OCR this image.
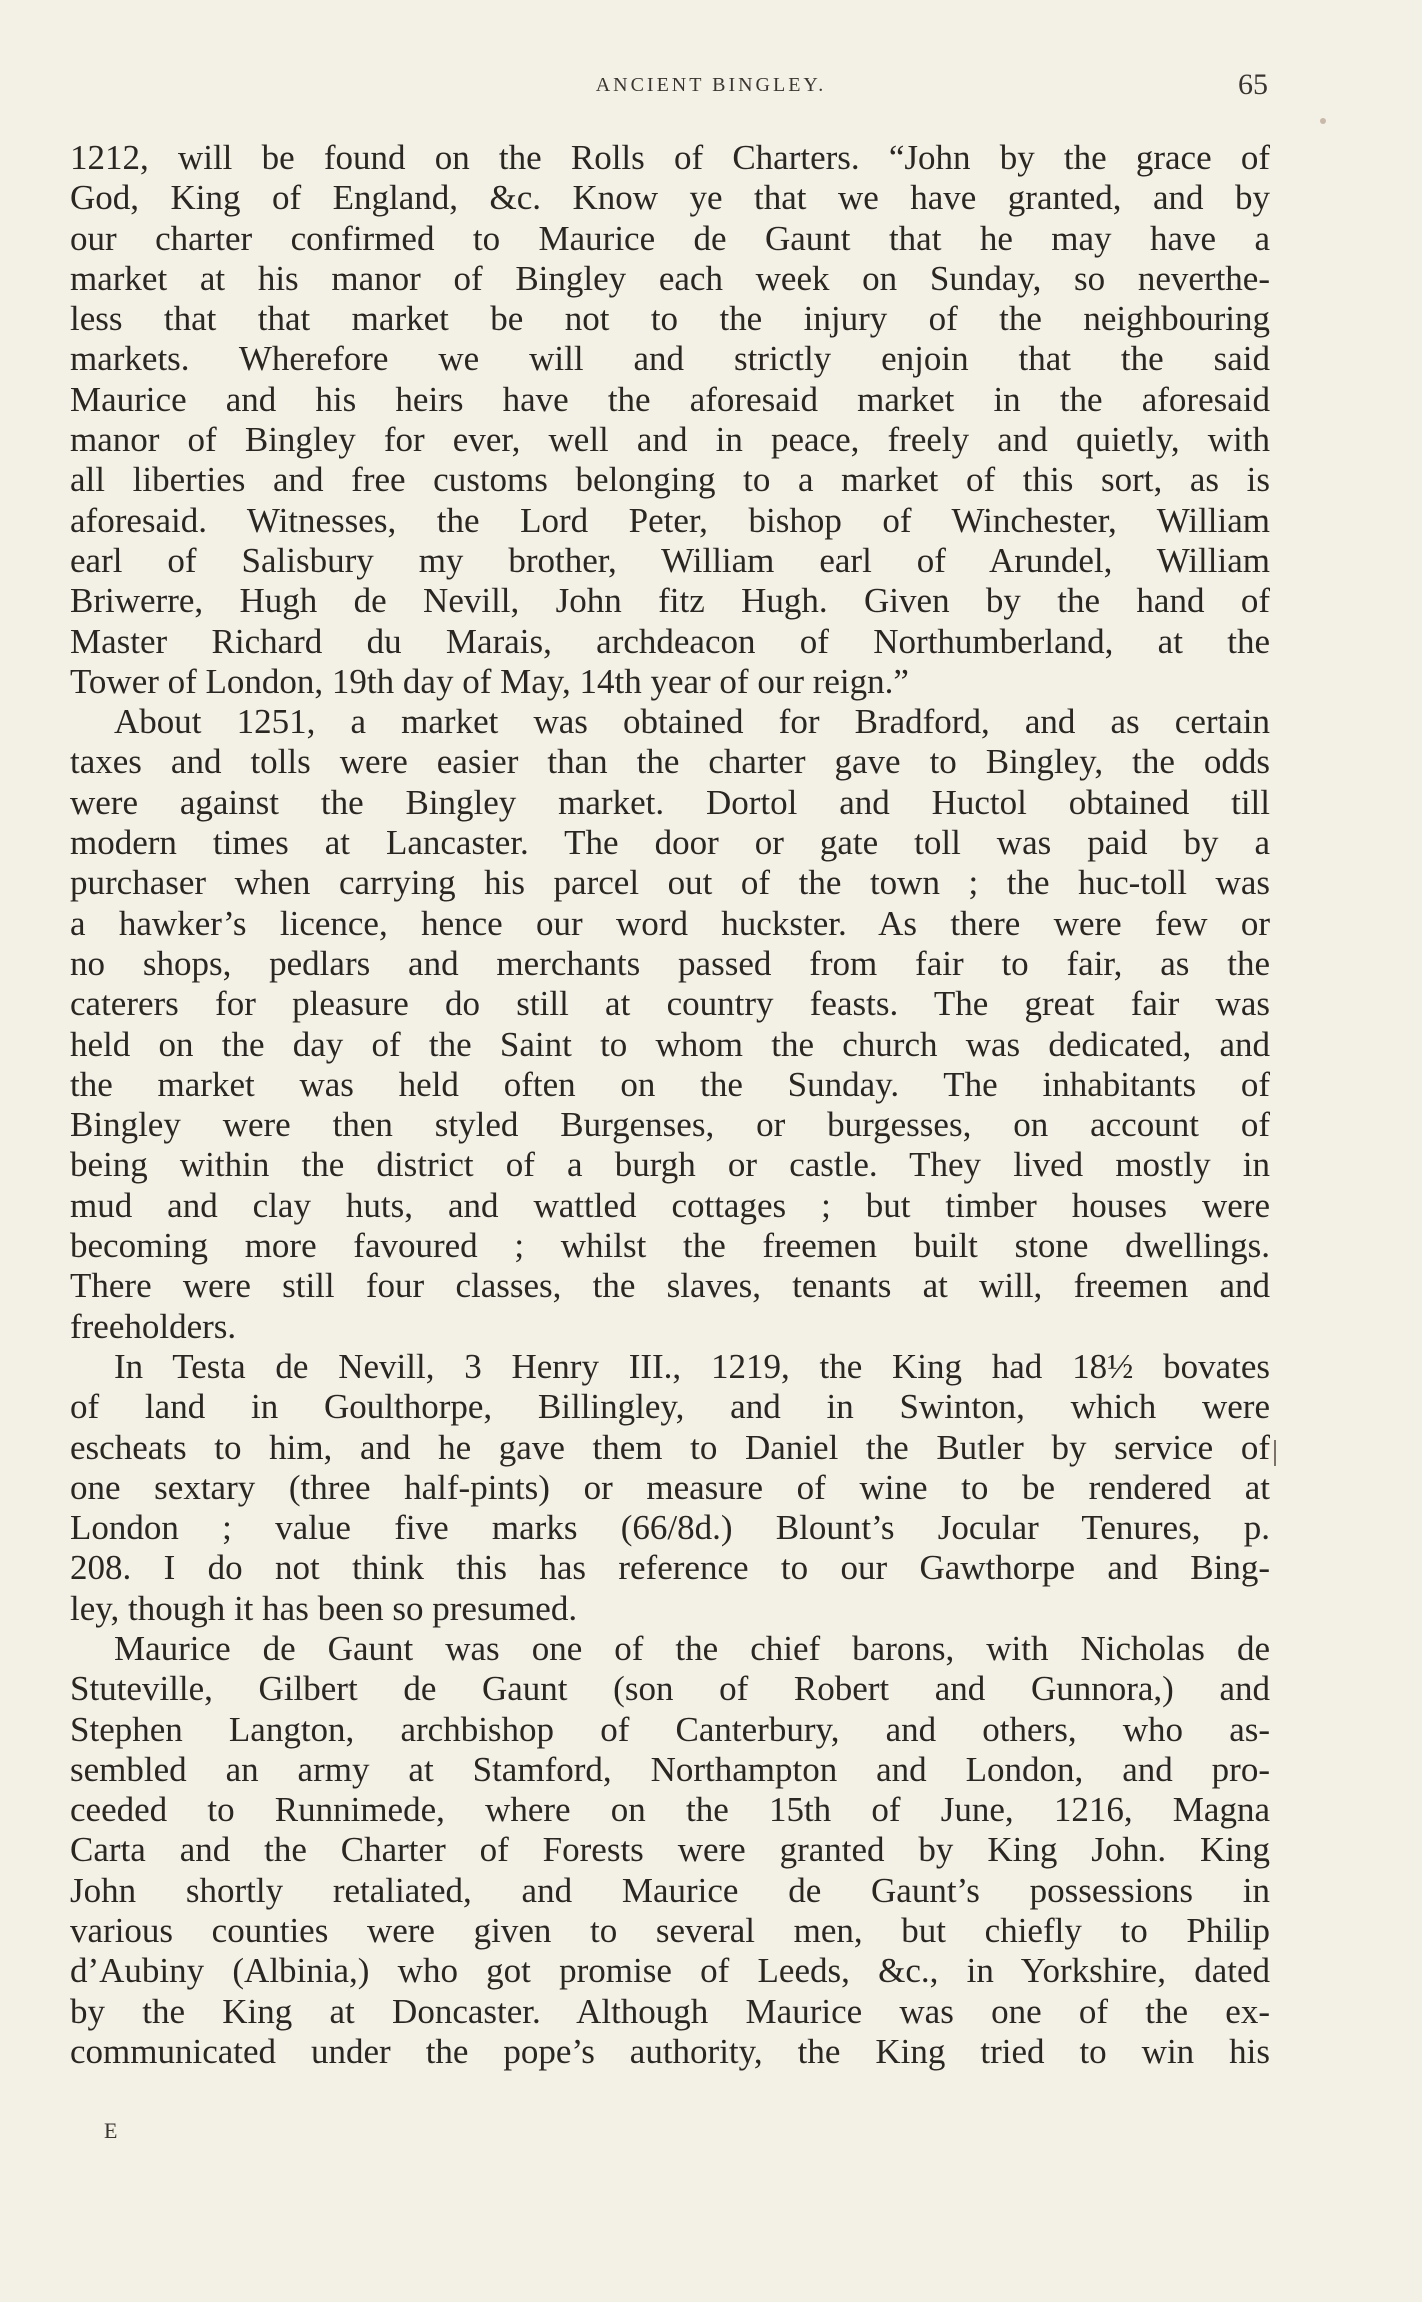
ANCIENT BINGLEY.	65
1212, will be found on the Rolls of Charters. “John by the grace of
God, King of England, &c. Know ye that we have granted, and by
our charter confirmed to Maurice de Gaunt that he may have a
market at his manor of Bingley each week on Sunday, so neverthe-
less that that market be not to the injury of the neighbouring
markets. Wherefore we will and strictly enjoin that the said
Maurice and his heirs have the aforesaid market in the aforesaid
manor of Bingley for ever, well and in peace, freely and quietly, with
all liberties and free customs belonging to a market of this sort, as is
aforesaid. Witnesses, the Lord Peter, bishop of Winchester, William
earl of Salisbury my brother, William earl of Arundel, William
Briwerre, Hugh de Nevill, John fitz Hugh. Given by the hand of
Master Richard du Marais, archdeacon of Northumberland, at the
Tower of London, 19th day of May, 14th year of our reign.”
About 1251, a market was obtained for Bradford, and as certain
taxes and tolls were easier than the charter gave to Bingley, the odds
were against the Bingley market. Dortol and Huctol obtained till
modern times at Lancaster. The door or gate toll was paid by a
purchaser when carrying his parcel out of the town ; the huc-toll was
a hawker’s licence, hence our word huckster. As there were few or
no shops, pedlars and merchants passed from fair to fair, as the
caterers for pleasure do still at country feasts. The great fair was
held on the day of the Saint to whom the church was dedicated, and
the market was held often on the Sunday. The inhabitants of
Bingley were then styled Burgenses, or burgesses, on account of
being within the district of a burgh or castle. They lived mostly in
mud and clay huts, and wattled cottages ; but timber houses were
becoming more favoured ; whilst the freemen built stone dwellings.
There were still four classes, the slaves, tenants at will, freemen and
freeholders.
In Testa de Nevill, 3 Henry III., 1219, the King had 18½ bovates
of land in Goulthorpe, Billingley, and in Swinton, which were
escheats to him, and he gave them to Daniel the Butler by service of
one sextary (three half-pints) or measure of wine to be rendered at
London ; value five marks (66/8d.) Blount’s Jocular Tenures, p.
208. I do not think this has reference to our Gawthorpe and Bing-
ley, though it has been so presumed.
Maurice de Gaunt was one of the chief barons, with Nicholas de
Stuteville, Gilbert de Gaunt (son of Robert and Gunnora,) and
Stephen Langton, archbishop of Canterbury, and others, who as-
sembled an army at Stamford, Northampton and London, and pro-
ceeded to Runnimede, where on the 15th of June, 1216, Magna
Carta and the Charter of Forests were granted by King John. King
John shortly retaliated, and Maurice de Gaunt’s possessions in
various counties were given to several men, but chiefly to Philip
d’Aubiny (Albinia,) who got promise of Leeds, &c., in Yorkshire, dated
by the King at Doncaster. Although Maurice was one of the ex-
communicated under the pope’s authority, the King tried to win his
E
